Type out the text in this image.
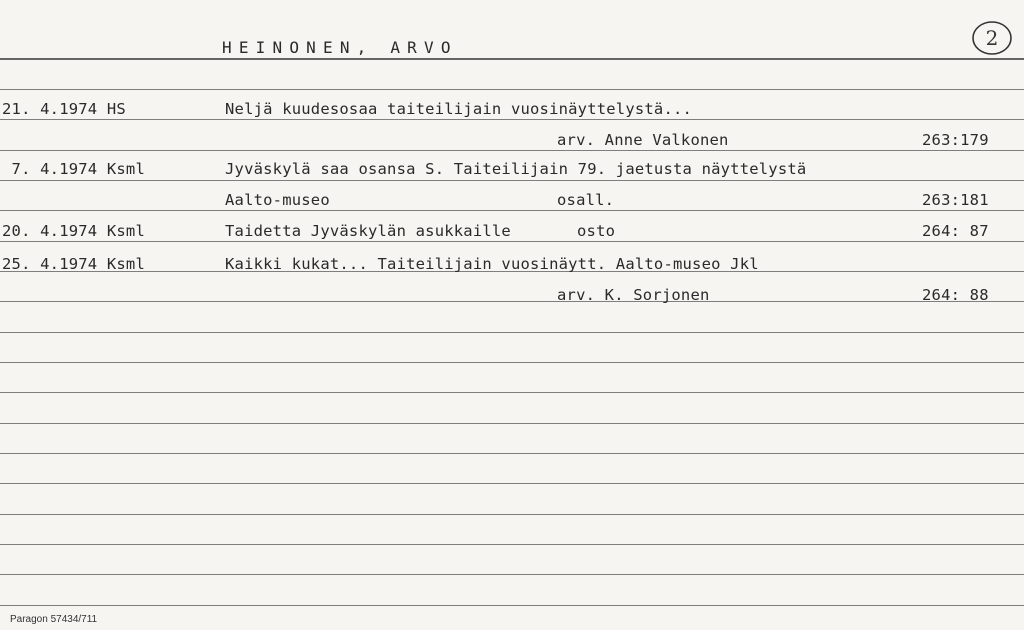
HEINONEN, ARVO	2
21. 4.1974 HS	Neljä kuudesosaa taiteilijain vuosinäyttelystä...
arv. Anne Valkonen	263:179
7. 4.1974 Ksml	Jyväskylä saa osansa S. Taiteilijain 79. jaetusta näyttelystä
Aalto-museo	osall.	263:181
20. 4.1974 Ksml	Taidetta Jyväskylän asukkaille	osto	264: 87
25. 4.1974 Ksml	Kaikki kukat... Taiteilijain vuosinäytt. Aalto-museo Jkl
arv. K. Sorjonen	264: 88
Paragon 57434/711
